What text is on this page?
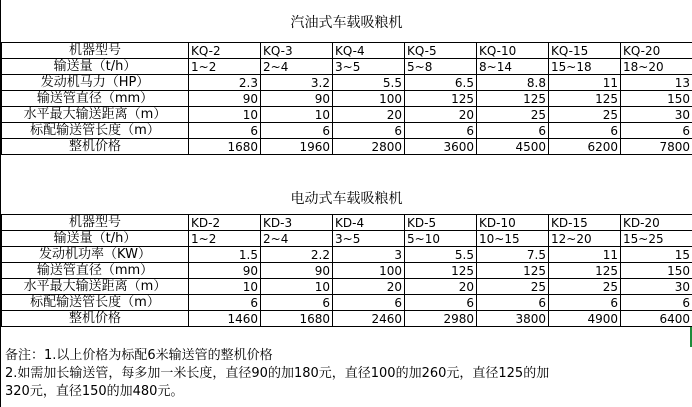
汽油式车载吸粮机
机器型号	KQ-2	KQ-3	KQ-4	KQ-5	KQ-10	KQ-15	KQ-20
输送量（t/h）	1~2	2~4	3~5	5~8	8~14	15~18	18~20
发动机马力（HP）	2.3	3.2	5.5	6.5	8.8	11	13
输送管直径（mm）	90	90	100	125	125	125	150
水平最大输送距离（m）	10	10	20	20	25	25	30
标配输送管长度（m）	6	6	6	6	6	6	6
整机价格	1680	1960	2800	3600	4500	6200	7800
电动式车载吸粮机
机器型号	KD-2	KD-3	KD-4	KD-5	KD-10	KD-15	KD-20
输送量（t/h）	1~2	2~4	3~5	5~10	10~15	12~20	15~25
发动机功率（KW）	1.5	2.2	3	5.5	7.5	11	15
输送管直径（mm）	90	90	100	125	125	125	150
水平最大输送距离（m）	10	10	20	20	25	25	30
标配输送管长度（m）	6	6	6	6	6	6	6
整机价格	1460	1680	2460	2980	3800	4900	6400
备注：1.以上价格为标配6米输送管的整机价格
2.如需加长输送管，每多加一米长度，直径90的加180元，直径100的加260元，直径125的加
320元，直径150的加480元。
